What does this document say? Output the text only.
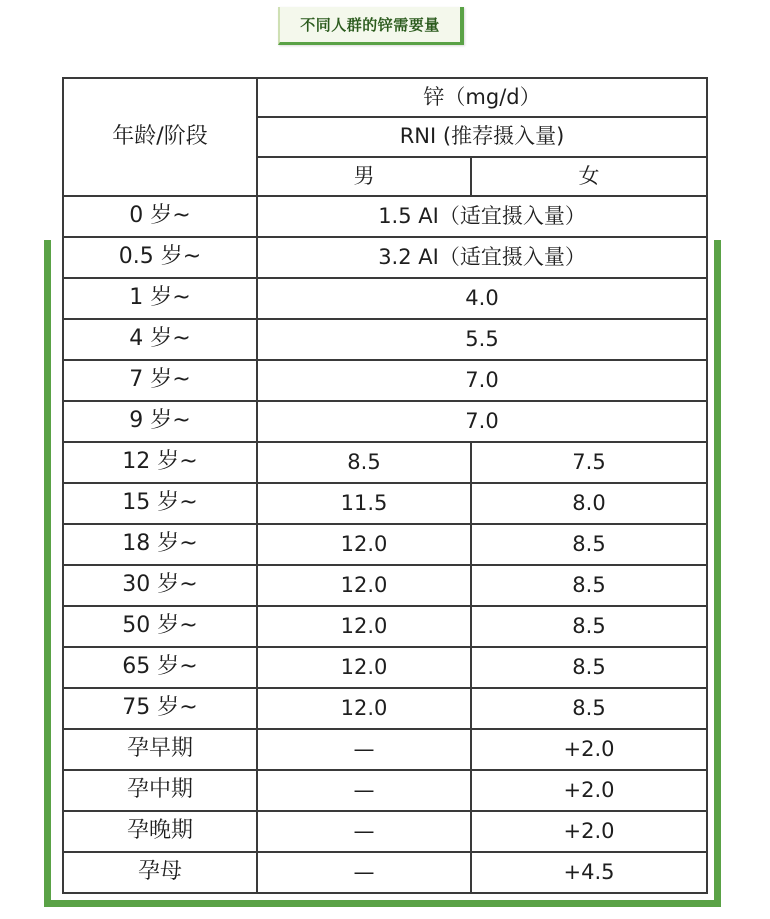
不同人群的锌需要量
年龄/阶段	锌（mg/d）	
	RNI (推荐摄入量)	
	男	女
0 岁~	1.5 AI（适宜摄入量）	
0.5 岁~	3.2 AI（适宜摄入量）	
1 岁~	4.0	
4 岁~	5.5	
7 岁~	7.0	
9 岁~	7.0	
12 岁~	8.5	7.5
15 岁~	11.5	8.0
18 岁~	12.0	8.5
30 岁~	12.0	8.5
50 岁~	12.0	8.5
65 岁~	12.0	8.5
75 岁~	12.0	8.5
孕早期	—	+2.0
孕中期	—	+2.0
孕晚期	—	+2.0
孕母	—	+4.5
